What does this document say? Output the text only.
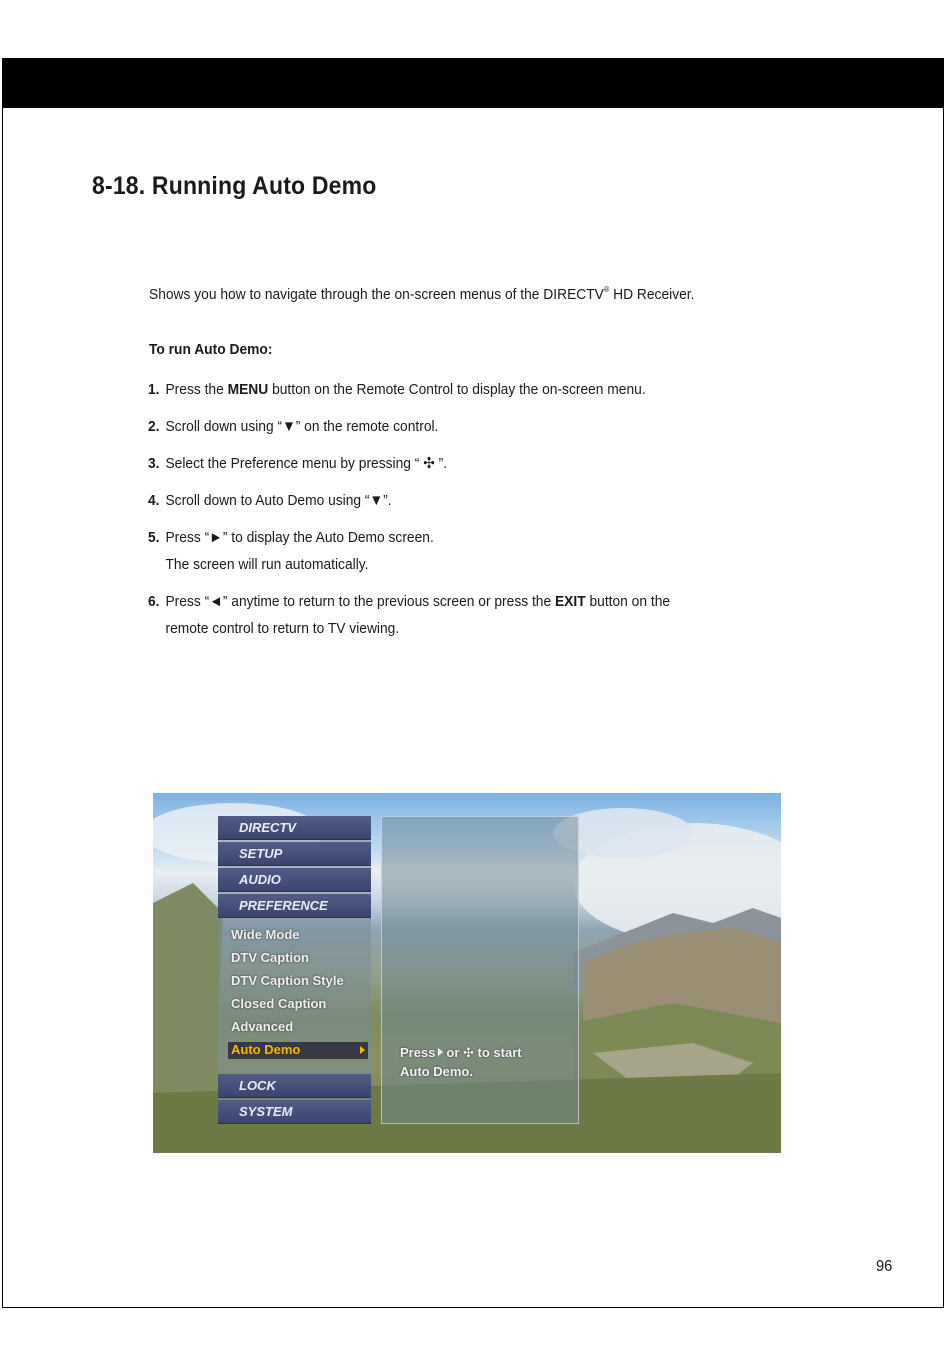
8-18. Running Auto Demo

Shows you how to navigate through the on-screen menus of the DIRECTV® HD Receiver.

To run Auto Demo:

1. Press the MENU button on the Remote Control to display the on-screen menu.
2. Scroll down using “▼” on the remote control.
3. Select the Preference menu by pressing “ ✣ ”.
4. Scroll down to Auto Demo using “▼”.
5. Press “►” to display the Auto Demo screen.
The screen will run automatically.
6. Press “◄” anytime to return to the previous screen or press the EXIT button on the
remote control to return to TV viewing.
DIRECTV
SETUP
AUDIO
PREFERENCE
Wide Mode
DTV Caption
DTV Caption Style
Closed Caption
Advanced
Auto Demo
LOCK
SYSTEM
Press or ✣ to start
Auto Demo.
96
